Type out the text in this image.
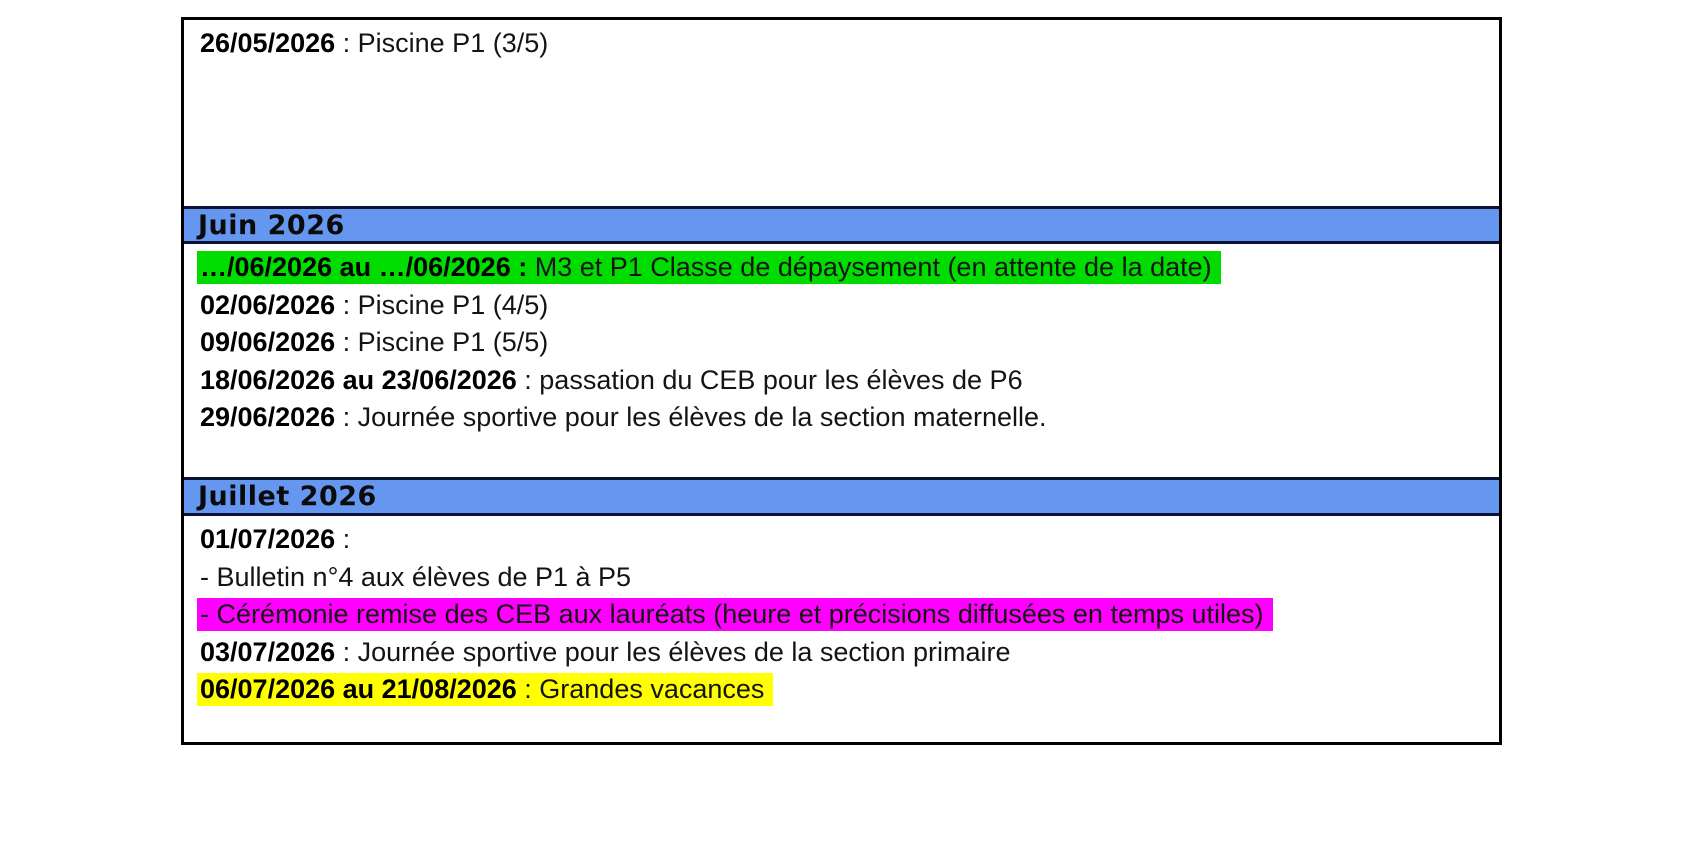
26/05/2026 : Piscine P1 (3/5)
Juin 2026
…/06/2026 au …/06/2026 : M3 et P1 Classe de dépaysement (en attente de la date)
02/06/2026 : Piscine P1 (4/5)
09/06/2026 : Piscine P1 (5/5)
18/06/2026 au 23/06/2026 : passation du CEB pour les élèves de P6
29/06/2026 : Journée sportive pour les élèves de la section maternelle.
Juillet 2026
01/07/2026 :
- Bulletin n°4 aux élèves de P1 à P5
- Cérémonie remise des CEB aux lauréats (heure et précisions diffusées en temps utiles)
03/07/2026 : Journée sportive pour les élèves de la section primaire
06/07/2026 au 21/08/2026 : Grandes vacances
